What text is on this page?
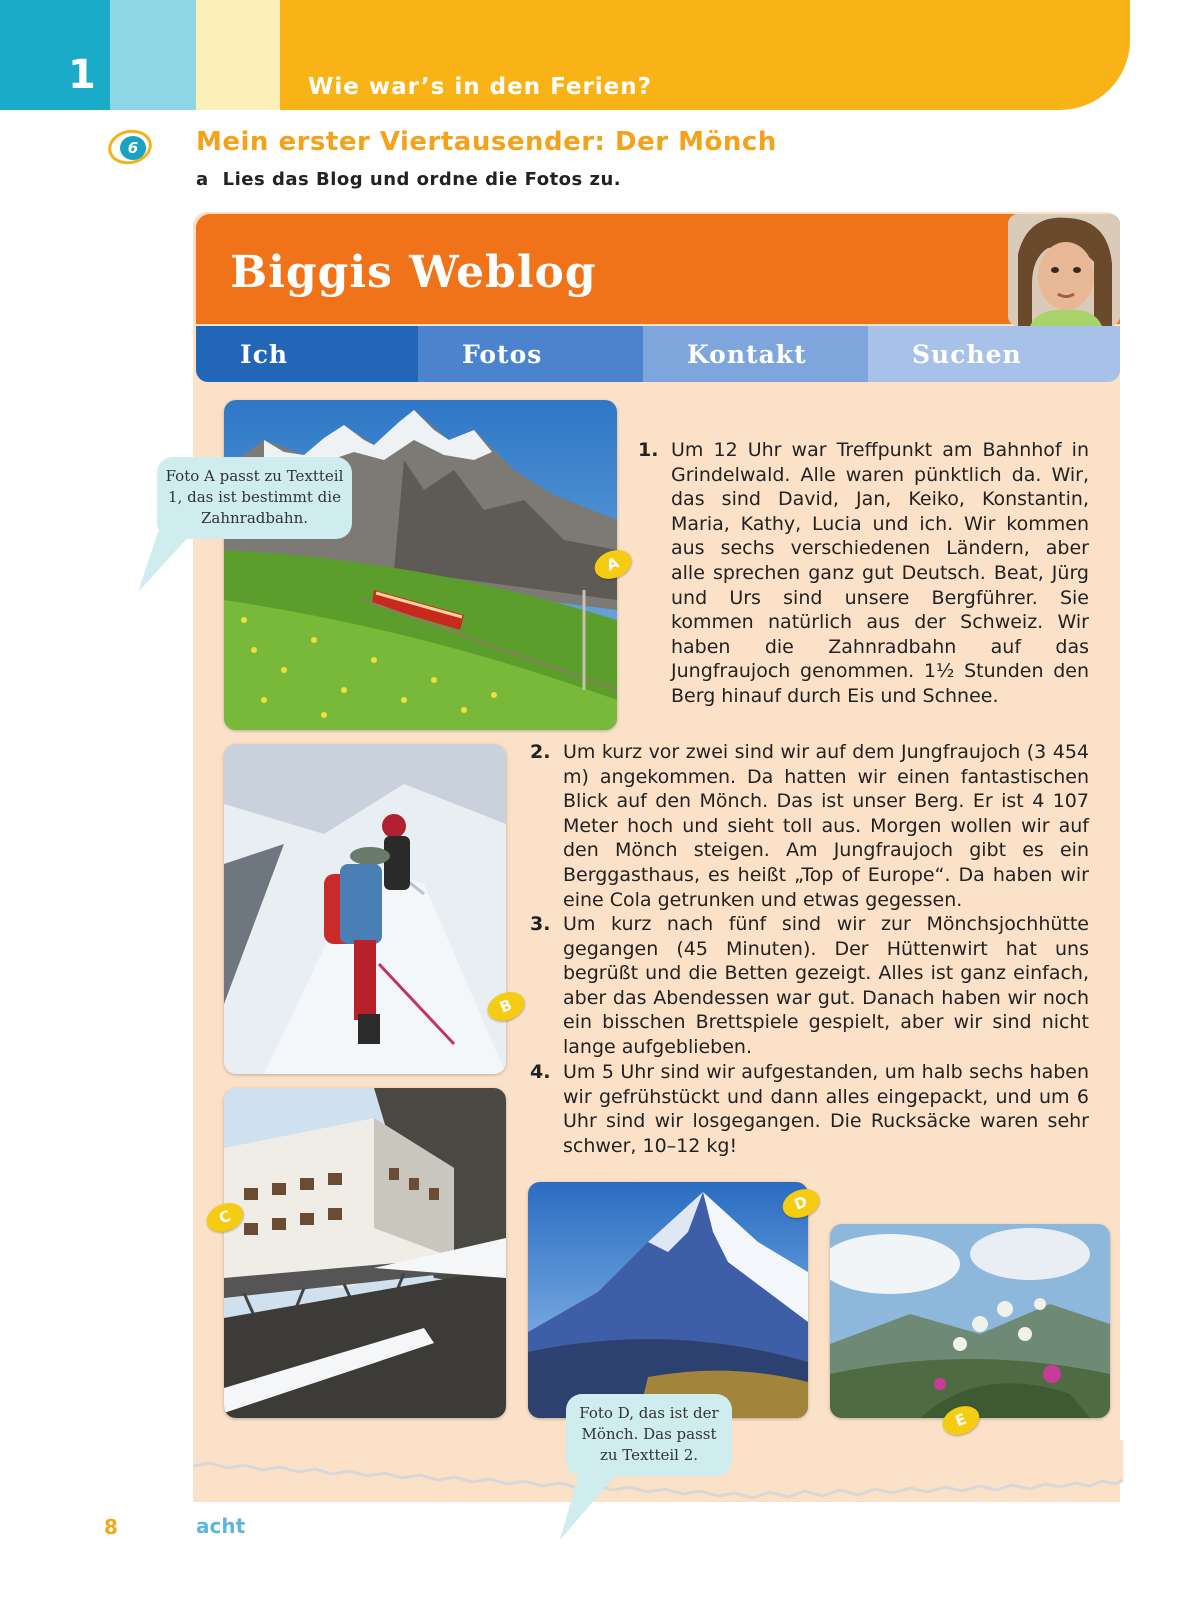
1	Wie war’s in den Ferien?
6 Mein erster Viertausender: Der Mönch
a Lies das Blog und ordne die Fotos zu.
Biggis Weblog
Ich	Fotos	Kontakt	Suchen
A
B
C
D
E
Foto A passt zu Textteil 1, das ist bestimmt die Zahnradbahn.
Foto D, das ist der Mönch. Das passt zu Textteil 2.
1. Um 12 Uhr war Treffpunkt am Bahnhof in Grindelwald. Alle waren pünktlich da. Wir, das sind David, Jan, Keiko, Konstantin, Maria, Kathy, Lucia und ich. Wir kommen aus sechs verschiedenen Ländern, aber alle sprechen ganz gut Deutsch. Beat, Jürg und Urs sind unsere Bergführer. Sie kommen natürlich aus der Schweiz. Wir haben die Zahnradbahn auf das Jungfraujoch genommen. 1½ Stunden den Berg hinauf durch Eis und Schnee.
2. Um kurz vor zwei sind wir auf dem Jungfraujoch (3 454 m) angekommen. Da hatten wir einen fantastischen Blick auf den Mönch. Das ist unser Berg. Er ist 4 107 Meter hoch und sieht toll aus. Morgen wollen wir auf den Mönch steigen. Am Jungfraujoch gibt es ein Berggasthaus, es heißt „Top of Europe“. Da haben wir eine Cola getrunken und etwas gegessen.
3. Um kurz nach fünf sind wir zur Mönchsjochhütte gegangen (45 Minuten). Der Hüttenwirt hat uns begrüßt und die Betten gezeigt. Alles ist ganz einfach, aber das Abendessen war gut. Danach haben wir noch ein bisschen Brettspiele gespielt, aber wir sind nicht lange aufgeblieben.
4. Um 5 Uhr sind wir aufgestanden, um halb sechs haben wir gefrühstückt und dann alles eingepackt, und um 6 Uhr sind wir losgegangen. Die Rucksäcke waren sehr schwer, 10–12 kg!
8	acht
